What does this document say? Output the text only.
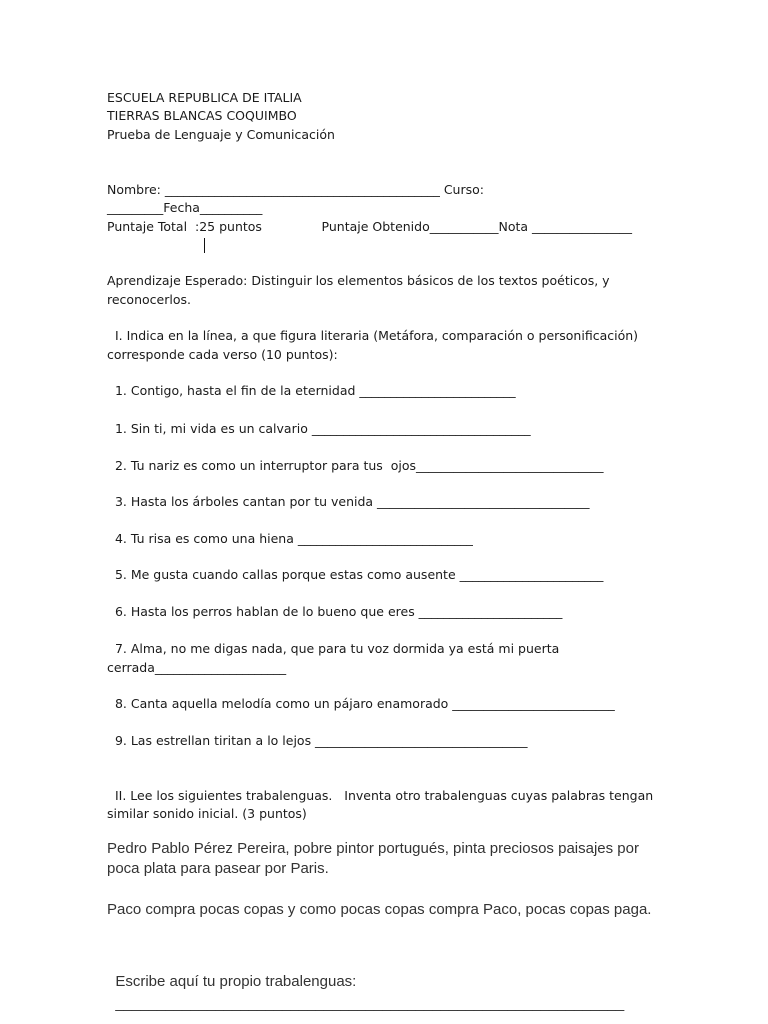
ESCUELA REPUBLICA DE ITALIA
TIERRAS BLANCAS COQUIMBO
Prueba de Lenguaje y Comunicación
Nombre: ____________________________________________ Curso:
_________Fecha__________
Puntaje Total  :25 puntos               Puntaje Obtenido___________Nota ________________
Aprendizaje Esperado: Distinguir los elementos básicos de los textos poéticos, y
reconocerlos.
I. Indica en la línea, a que figura literaria (Metáfora, comparación o personificación)
corresponde cada verso (10 puntos):
1. Contigo, hasta el fin de la eternidad _________________________
1. Sin ti, mi vida es un calvario ___________________________________
2. Tu nariz es como un interruptor para tus  ojos______________________________
3. Hasta los árboles cantan por tu venida __________________________________
4. Tu risa es como una hiena ____________________________
5. Me gusta cuando callas porque estas como ausente _______________________
6. Hasta los perros hablan de lo bueno que eres _______________________
7. Alma, no me digas nada, que para tu voz dormida ya está mi puerta
cerrada_____________________
8. Canta aquella melodía como un pájaro enamorado __________________________
9. Las estrellan tiritan a lo lejos __________________________________
II. Lee los siguientes trabalenguas.   Inventa otro trabalenguas cuyas palabras tengan
similar sonido inicial. (3 puntos)
Pedro Pablo Pérez Pereira, pobre pintor portugués, pinta preciosos paisajes por
poca plata para pasear por Paris.
Paco compra pocas copas y como pocas copas compra Paco, pocas copas paga.
Escribe aquí tu propio trabalenguas:
_____________________________________________________________
